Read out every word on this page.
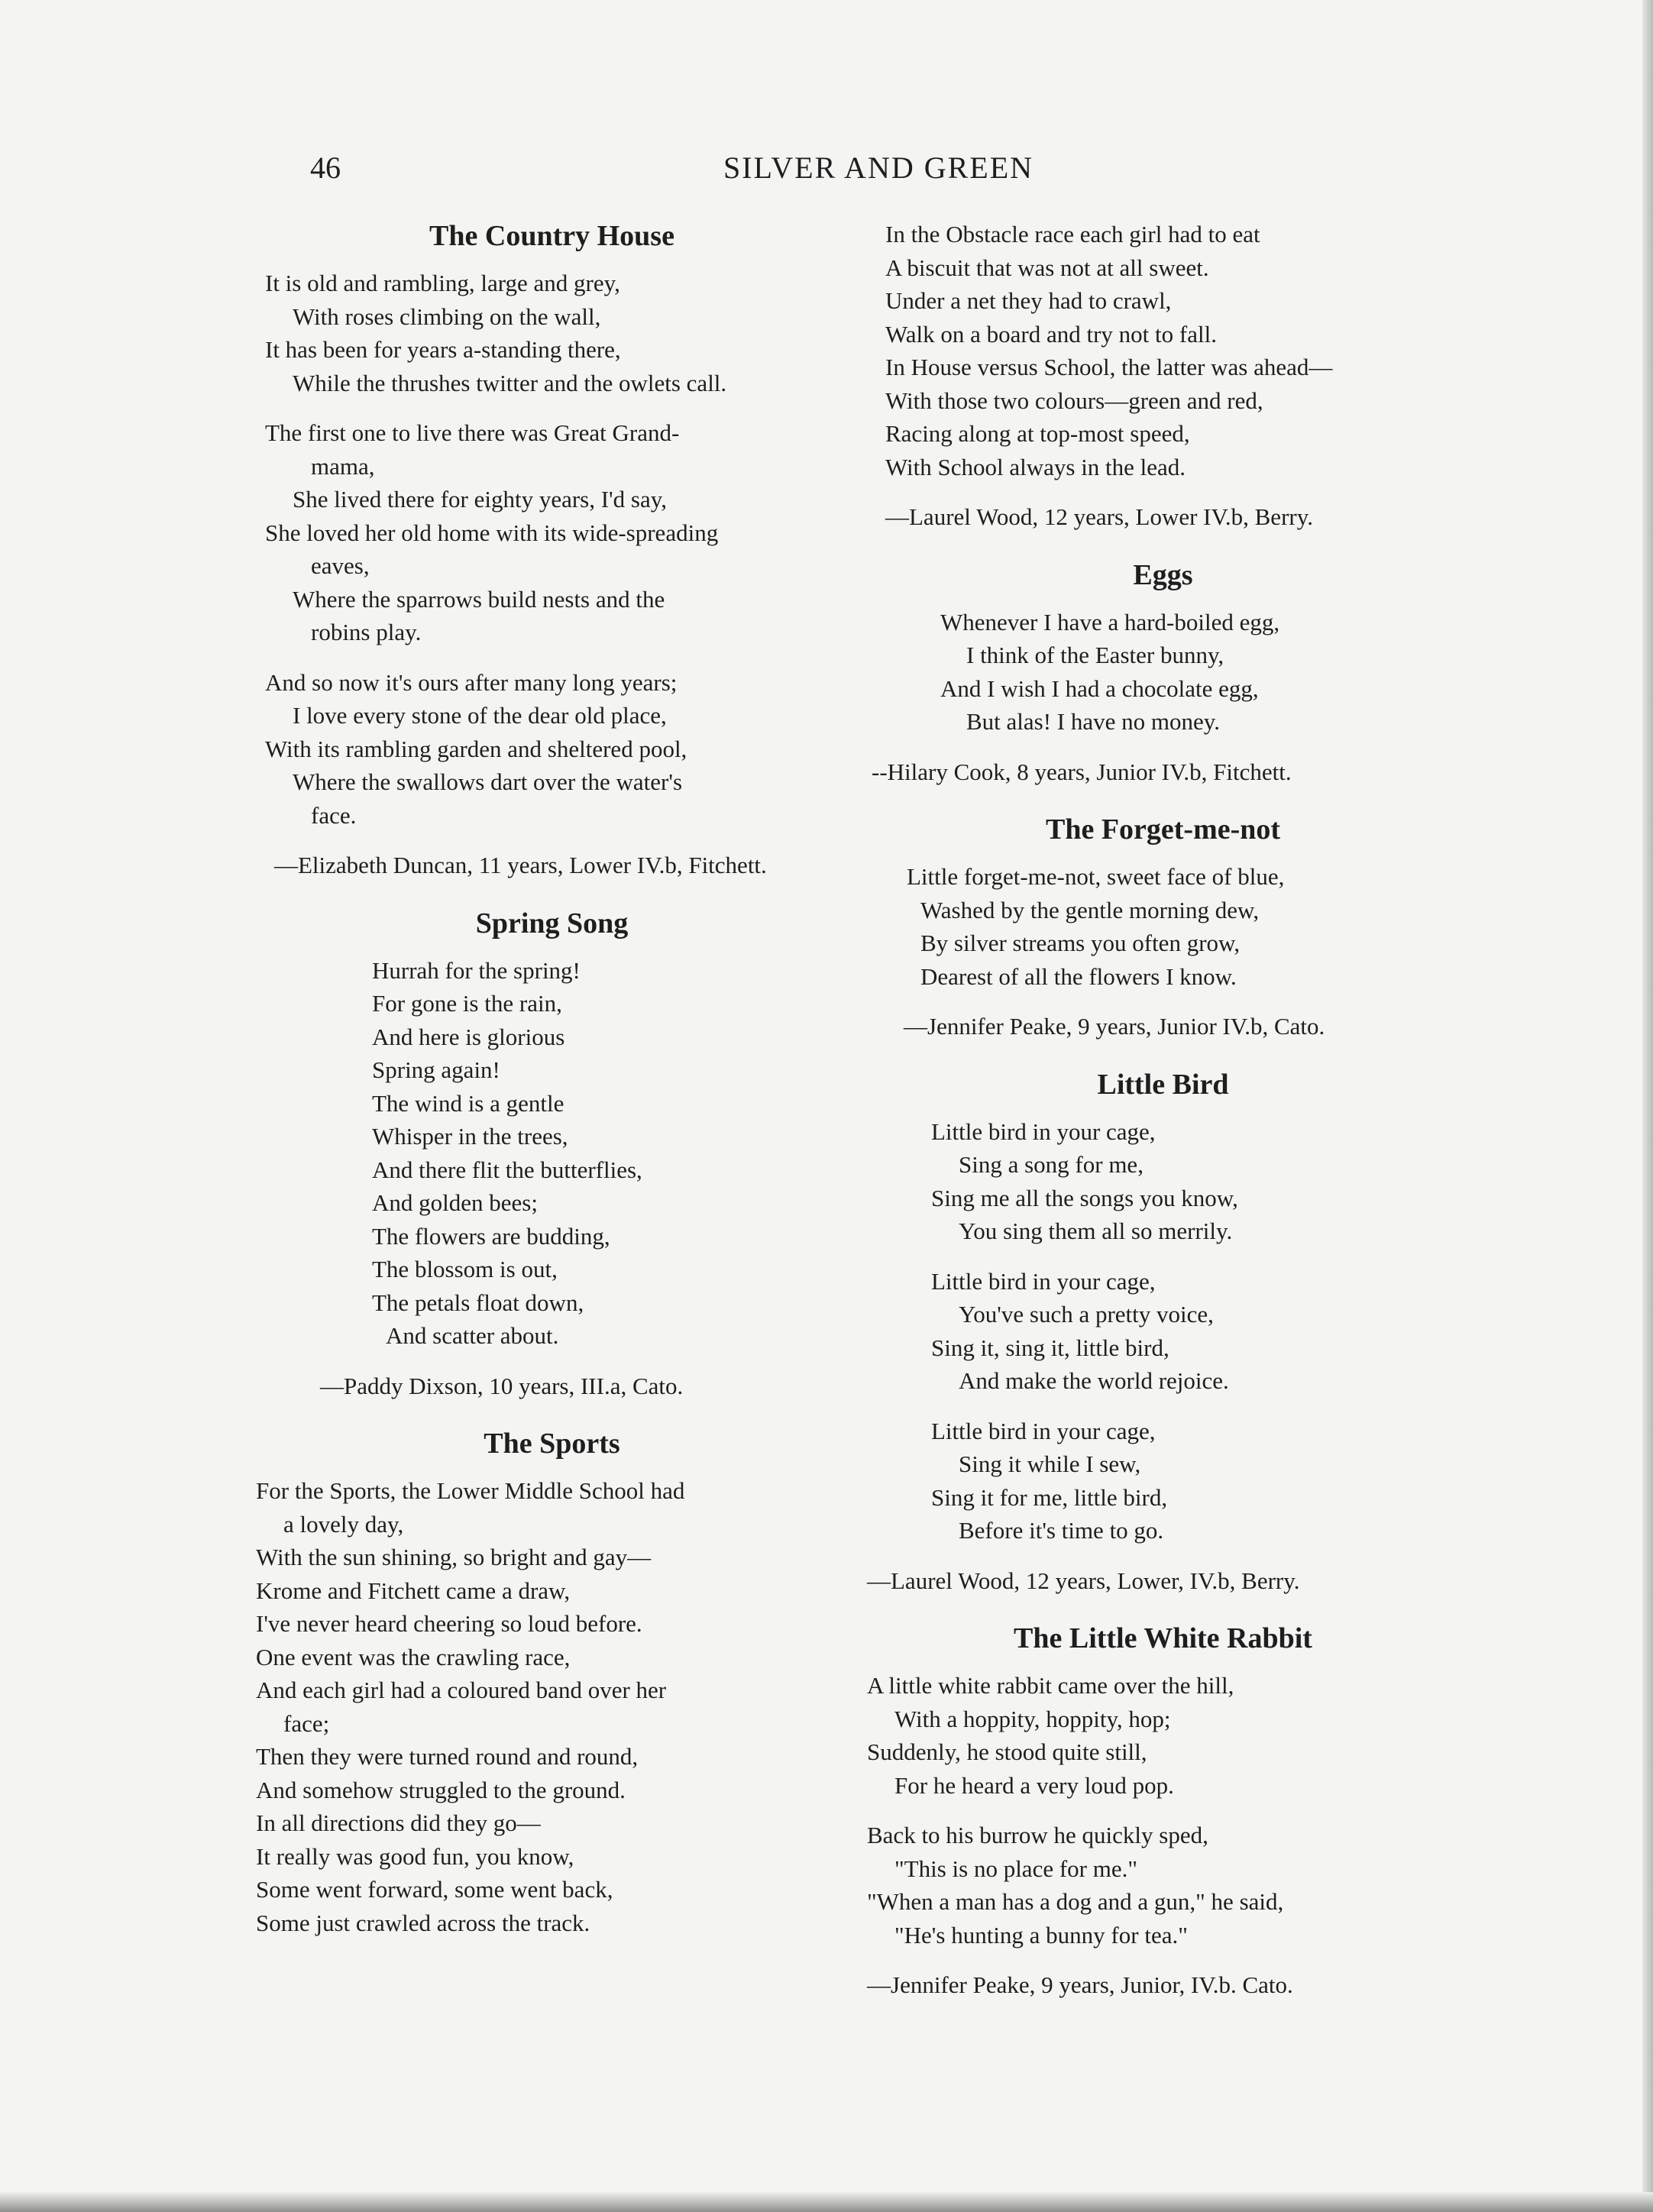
46	SILVER AND GREEN
The Country House
It is old and rambling, large and grey,
With roses climbing on the wall,
It has been for years a-standing there,
While the thrushes twitter and the owlets call.
The first one to live there was Great Grand-
mama,
She lived there for eighty years, I'd say,
She loved her old home with its wide-spreading
eaves,
Where the sparrows build nests and the
robins play.
And so now it's ours after many long years;
I love every stone of the dear old place,
With its rambling garden and sheltered pool,
Where the swallows dart over the water's
face.
—Elizabeth Duncan, 11 years, Lower IV.b, Fitchett.
Spring Song
Hurrah for the spring!
For gone is the rain,
And here is glorious
Spring again!
The wind is a gentle
Whisper in the trees,
And there flit the butterflies,
And golden bees;
The flowers are budding,
The blossom is out,
The petals float down,
And scatter about.
—Paddy Dixson, 10 years, III.a, Cato.
The Sports
For the Sports, the Lower Middle School had
a lovely day,
With the sun shining, so bright and gay—
Krome and Fitchett came a draw,
I've never heard cheering so loud before.
One event was the crawling race,
And each girl had a coloured band over her
face;
Then they were turned round and round,
And somehow struggled to the ground.
In all directions did they go—
It really was good fun, you know,
Some went forward, some went back,
Some just crawled across the track.
In the Obstacle race each girl had to eat
A biscuit that was not at all sweet.
Under a net they had to crawl,
Walk on a board and try not to fall.
In House versus School, the latter was ahead—
With those two colours—green and red,
Racing along at top-most speed,
With School always in the lead.
—Laurel Wood, 12 years, Lower IV.b, Berry.
Eggs
Whenever I have a hard-boiled egg,
I think of the Easter bunny,
And I wish I had a chocolate egg,
But alas! I have no money.
--Hilary Cook, 8 years, Junior IV.b, Fitchett.
The Forget-me-not
Little forget-me-not, sweet face of blue,
Washed by the gentle morning dew,
By silver streams you often grow,
Dearest of all the flowers I know.
—Jennifer Peake, 9 years, Junior IV.b, Cato.
Little Bird
Little bird in your cage,
Sing a song for me,
Sing me all the songs you know,
You sing them all so merrily.
Little bird in your cage,
You've such a pretty voice,
Sing it, sing it, little bird,
And make the world rejoice.
Little bird in your cage,
Sing it while I sew,
Sing it for me, little bird,
Before it's time to go.
—Laurel Wood, 12 years, Lower, IV.b, Berry.
The Little White Rabbit
A little white rabbit came over the hill,
With a hoppity, hoppity, hop;
Suddenly, he stood quite still,
For he heard a very loud pop.
Back to his burrow he quickly sped,
"This is no place for me."
"When a man has a dog and a gun," he said,
"He's hunting a bunny for tea."
—Jennifer Peake, 9 years, Junior, IV.b. Cato.
